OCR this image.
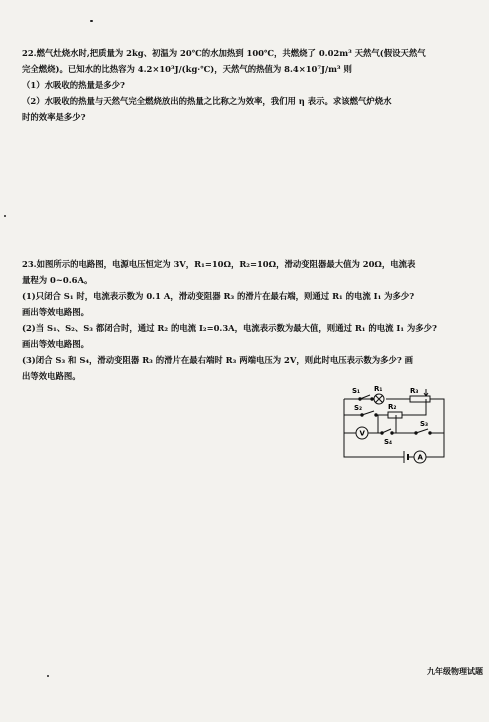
22.燃气灶烧水时,把质量为 2kg、初温为 20℃的水加热到 100℃，共燃烧了 0.02m³ 天然气(假设天然气

完全燃烧)。已知水的比热容为 4.2×10³J/(kg·℃)，天然气的热值为 8.4×10⁷J/m³ 则

（1）水吸收的热量是多少?

（2）水吸收的热量与天然气完全燃烧放出的热量之比称之为效率，我们用 η 表示。求该燃气炉烧水

时的效率是多少?

23.如图所示的电路图，电源电压恒定为 3V，R₁=10Ω，R₂=10Ω，滑动变阻器最大值为 20Ω，电流表

量程为 0~0.6A。

(1)只闭合 S₁ 时，电流表示数为 0.1 A，滑动变阻器 R₃ 的滑片在最右端，则通过 R₁ 的电流 I₁ 为多少?

画出等效电路图。

(2)当 S₁、S₂、S₃ 都闭合时，通过 R₂ 的电流 I₂=0.3A，电流表示数为最大值，则通过 R₁ 的电流 I₁ 为多少?

画出等效电路图。

(3)闭合 S₃ 和 S₄，滑动变阻器 R₃ 的滑片在最右端时 R₃ 两端电压为 2V，则此时电压表示数为多少? 画

出等效电路图。

S₁ R₁	R₃
S₂	R₂
S₃
S₄
V
A
九年级物理试题
